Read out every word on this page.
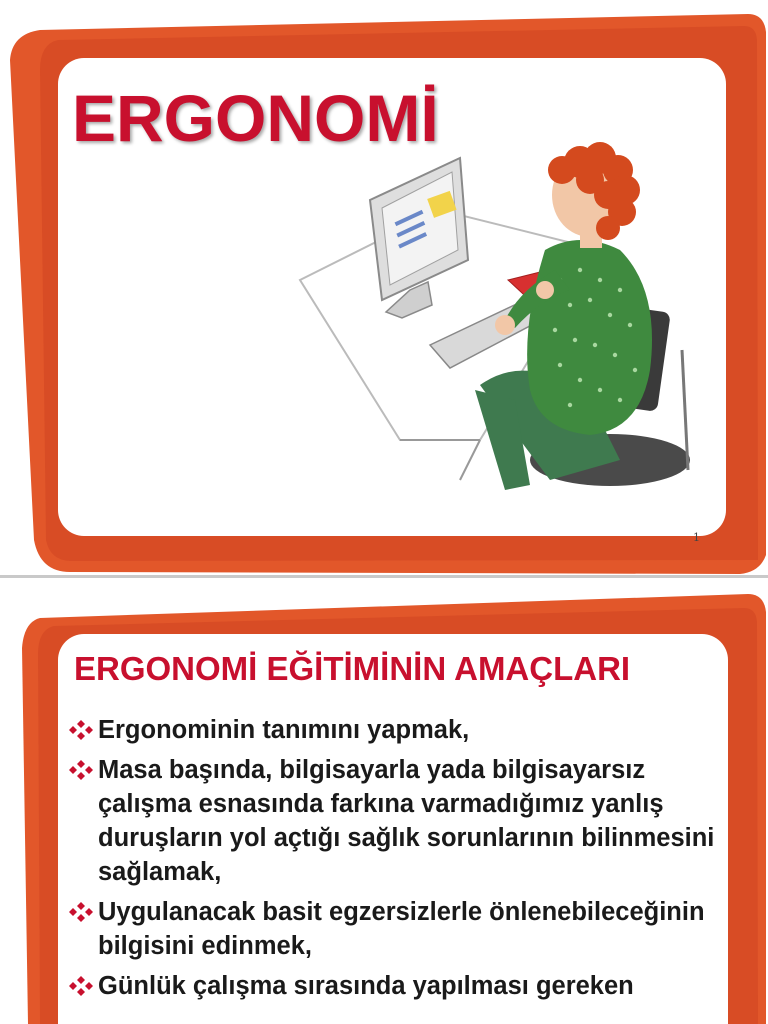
ERGONOMİ
1
ERGONOMİ EĞİTİMİNİN AMAÇLARI
Ergonominin tanımını yapmak,
Masa başında, bilgisayarla yada bilgisayarsız çalışma esnasında farkına varmadığımız yanlış duruşların yol açtığı sağlık sorunlarının bilinmesini sağlamak,
Uygulanacak basit egzersizlerle önlenebileceğinin bilgisini edinmek,
Günlük çalışma sırasında yapılması gereken
